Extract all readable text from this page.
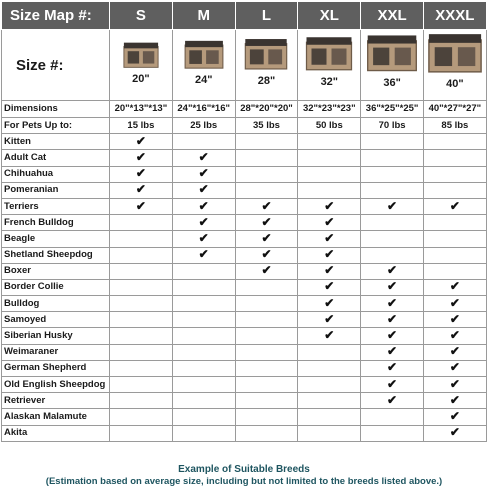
Size Map #:	S	M	L	XL	XXL	XXXL
Size #:	20"	24"	28"	32"	36"	40"

Dimensions	20"*13"*13"	24"*16"*16"	28"*20"*20"	32"*23"*23"	36"*25"*25"	40"*27"*27"
For Pets Up to:	15 lbs	25 lbs	35 lbs	50 lbs	70 lbs	85 lbs
Kitten	✔					
Adult Cat	✔	✔				
Chihuahua	✔	✔				
Pomeranian	✔	✔				
Terriers	✔	✔	✔	✔	✔	✔
French Bulldog		✔	✔	✔		
Beagle		✔	✔	✔		
Shetland Sheepdog		✔	✔	✔		
Boxer			✔	✔	✔	
Border Collie				✔	✔	✔
Bulldog				✔	✔	✔
Samoyed				✔	✔	✔
Siberian Husky				✔	✔	✔
Weimaraner					✔	✔
German Shepherd					✔	✔
Old English Sheepdog					✔	✔
Retriever					✔	✔
Alaskan Malamute						✔
Akita						✔
Example of Suitable Breeds
(Estimation based on average size, including but not limited to the breeds listed above.)
